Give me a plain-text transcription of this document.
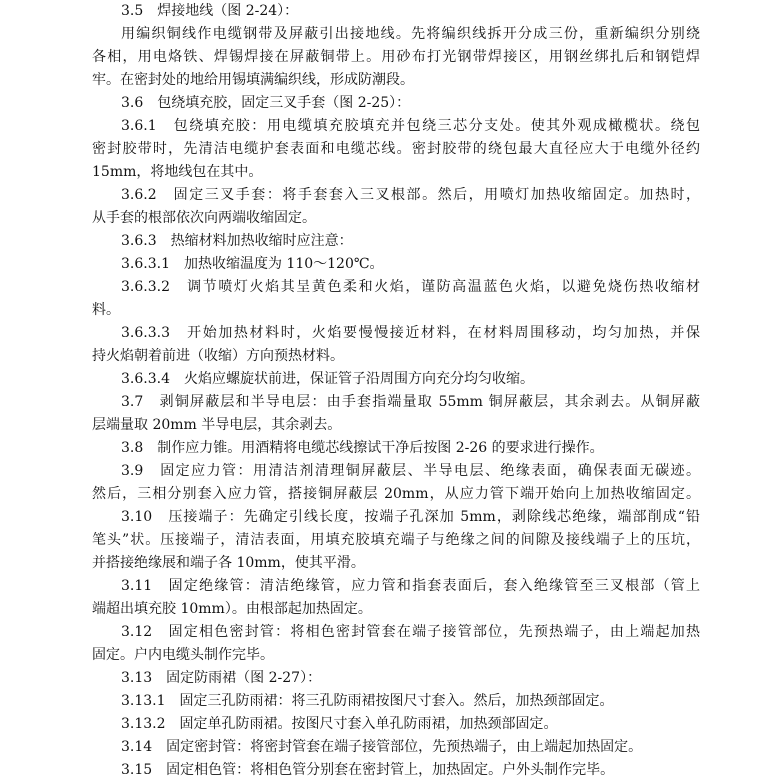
3.5　焊接地线（图 2-24）：
用编织铜线作电缆钢带及屏蔽引出接地线。先将编织线拆开分成三份，重新编织分别绕
各相，用电烙铁、焊锡焊接在屏蔽铜带上。用砂布打光钢带焊接区，用钢丝绑扎后和钢铠焊
牢。在密封处的地给用锡填满编织线，形成防潮段。
3.6　包绕填充胶，固定三叉手套（图 2-25）：
3.6.1　包绕填充胶：用电缆填充胶填充并包绕三芯分支处。使其外观成橄榄状。绕包
密封胶带时，先清洁电缆护套表面和电缆芯线。密封胶带的绕包最大直径应大于电缆外径约
15mm，将地线包在其中。
3.6.2　固定三叉手套：将手套套入三叉根部。然后，用喷灯加热收缩固定。加热时，
从手套的根部依次向两端收缩固定。
3.6.3　热缩材料加热收缩时应注意：
3.6.3.1　加热收缩温度为 110～120℃。
3.6.3.2　调节喷灯火焰其呈黄色柔和火焰，谨防高温蓝色火焰，以避免烧伤热收缩材
料。
3.6.3.3　开始加热材料时，火焰要慢慢接近材料，在材料周围移动，均匀加热，并保
持火焰朝着前进（收缩）方向预热材料。
3.6.3.4　火焰应螺旋状前进，保证管子沿周围方向充分均匀收缩。
3.7　剥铜屏蔽层和半导电层：由手套指端量取 55mm 铜屏蔽层，其余剥去。从铜屏蔽
层端量取 20mm 半导电层，其余剥去。
3.8　制作应力锥。用酒精将电缆芯线擦试干净后按图 2-26 的要求进行操作。
3.9　固定应力管：用清洁剂清理铜屏蔽层、半导电层、绝缘表面，确保表面无碳迹。
然后，三相分别套入应力管，搭接铜屏蔽层 20mm，从应力管下端开始向上加热收缩固定。
3.10　压接端子：先确定引线长度，按端子孔深加 5mm，剥除线芯绝缘，端部削成“铅
笔头”状。压接端子，清洁表面，用填充胶填充端子与绝缘之间的间隙及接线端子上的压坑，
并搭接绝缘展和端子各 10mm，使其平滑。
3.11　固定绝缘管：清洁绝缘管，应力管和指套表面后，套入绝缘管至三叉根部（管上
端超出填充胶 10mm）。由根部起加热固定。
3.12　固定相色密封管：将相色密封管套在端子接管部位，先预热端子，由上端起加热
固定。户内电缆头制作完毕。
3.13　固定防雨裙（图 2-27）：
3.13.1　固定三孔防雨裙：将三孔防雨裙按图尺寸套入。然后，加热颈部固定。
3.13.2　固定单孔防雨裙。按图尺寸套入单孔防雨裙，加热颈部固定。
3.14　固定密封管：将密封管套在端子接管部位，先预热端子，由上端起加热固定。
3.15　固定相色管：将相色管分别套在密封管上，加热固定。户外头制作完毕。
